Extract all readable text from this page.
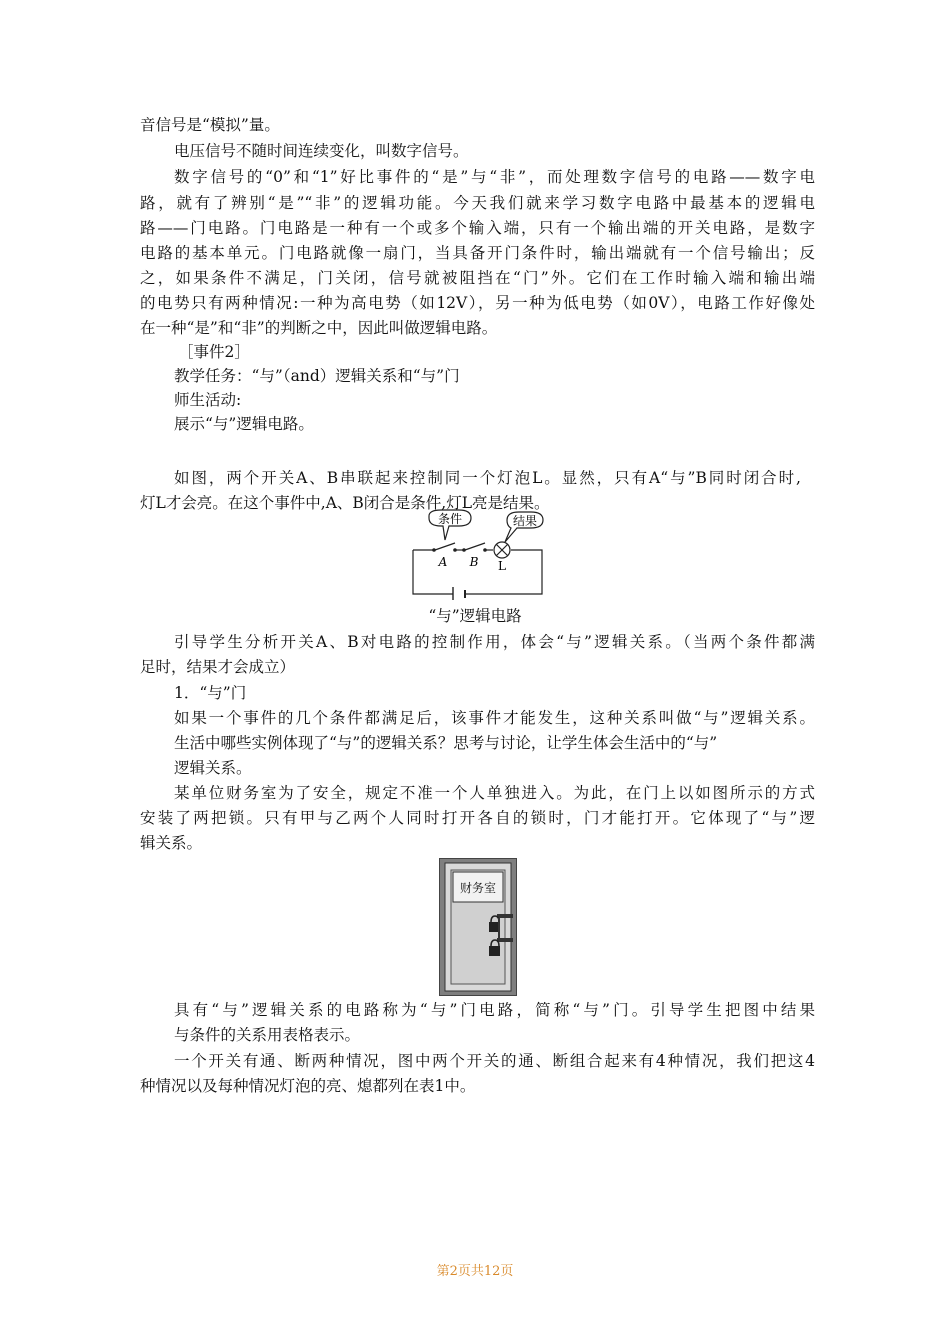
音信号是“模拟”量。
电压信号不随时间连续变化，叫数字信号。
数字信号的“0”和“1”好比事件的“是”与“非”，而处理数字信号的电路——数字电
路，就有了辨别“是”“非”的逻辑功能。今天我们就来学习数字电路中最基本的逻辑电
路——门电路。门电路是一种有一个或多个输入端，只有一个输出端的开关电路，是数字
电路的基本单元。门电路就像一扇门，当具备开门条件时，输出端就有一个信号输出；反
之，如果条件不满足，门关闭，信号就被阻挡在“门”外。它们在工作时输入端和输出端
的电势只有两种情况:一种为高电势（如12V），另一种为低电势（如0V），电路工作好像处
在一种“是”和“非”的判断之中，因此叫做逻辑电路。
［事件2］
教学任务：“与”（and）逻辑关系和“与”门
师生活动:
展示“与”逻辑电路。
如图，两个开关A、B串联起来控制同一个灯泡L。显然，只有A“与”B同时闭合时,
灯L才会亮。在这个事件中,A、B闭合是条件,灯L亮是结果。
条件	结果
A B L
“与”逻辑电路
引导学生分析开关A、B对电路的控制作用，体会“与”逻辑关系。（当两个条件都满
足时，结果才会成立）
1．“与”门
如果一个事件的几个条件都满足后，该事件才能发生，这种关系叫做“与”逻辑关系。
生活中哪些实例体现了“与”的逻辑关系？思考与讨论，让学生体会生活中的“与”
逻辑关系。
某单位财务室为了安全，规定不准一个人单独进入。为此，在门上以如图所示的方式
安装了两把锁。只有甲与乙两个人同时打开各自的锁时，门才能打开。它体现了“与”逻
辑关系。
财务室
具有“与”逻辑关系的电路称为“与”门电路，简称“与”门。引导学生把图中结果
与条件的关系用表格表示。
一个开关有通、断两种情况，图中两个开关的通、断组合起来有4种情况，我们把这4
种情况以及每种情况灯泡的亮、熄都列在表1中。
第2页共12页
